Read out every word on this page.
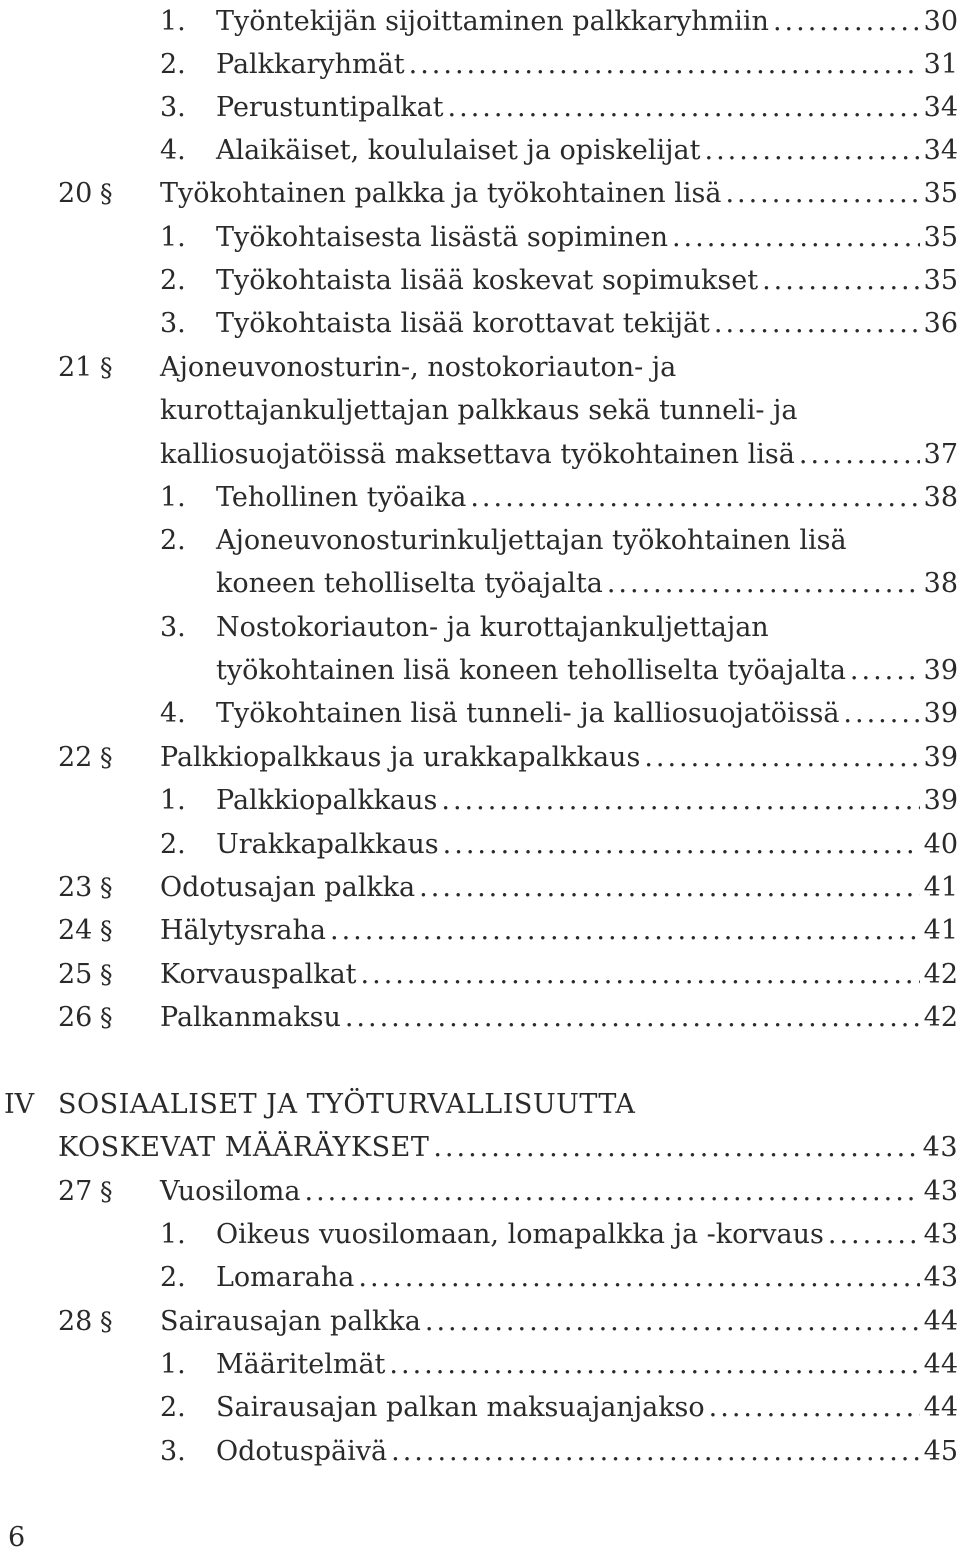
1. Työntekijän sijoittaminen palkkaryhmiin .....	30
2. Palkkaryhmät .....	31
3. Perustuntipalkat .....	34
4. Alaikäiset, koululaiset ja opiskelijat .....	34
20 § Työkohtainen palkka ja työkohtainen lisä .....	35
1. Työkohtaisesta lisästä sopiminen .....	35
2. Työkohtaista lisää koskevat sopimukset .....	35
3. Työkohtaista lisää korottavat tekijät .....	36
21 § Ajoneuvonosturin-, nostokoriauton- ja
kurottajankuljettajan palkkaus sekä tunneli- ja
kalliosuojatöissä maksettava työkohtainen lisä .....	37
1. Tehollinen työaika .....	38
2. Ajoneuvonosturinkuljettajan työkohtainen lisä
koneen teholliselta työajalta .....	38
3. Nostokoriauton- ja kurottajankuljettajan
työkohtainen lisä koneen teholliselta työajalta .....	39
4. Työkohtainen lisä tunneli- ja kalliosuojatöissä .....	39
22 § Palkkiopalkkaus ja urakkapalkkaus .....	39
1. Palkkiopalkkaus .....	39
2. Urakkapalkkaus .....	40
23 § Odotusajan palkka .....	41
24 § Hälytysraha .....	41
25 § Korvauspalkat .....	42
26 § Palkanmaksu .....	42
IV SOSIAALISET JA TYÖTURVALLISUUTTA
KOSKEVAT MÄÄRÄYKSET .....	43
27 § Vuosiloma .....	43
1. Oikeus vuosilomaan, lomapalkka ja -korvaus .....	43
2. Lomaraha .....	43
28 § Sairausajan palkka .....	44
1. Määritelmät .....	44
2. Sairausajan palkan maksuajanjakso .....	44
3. Odotuspäivä .....	45
6
